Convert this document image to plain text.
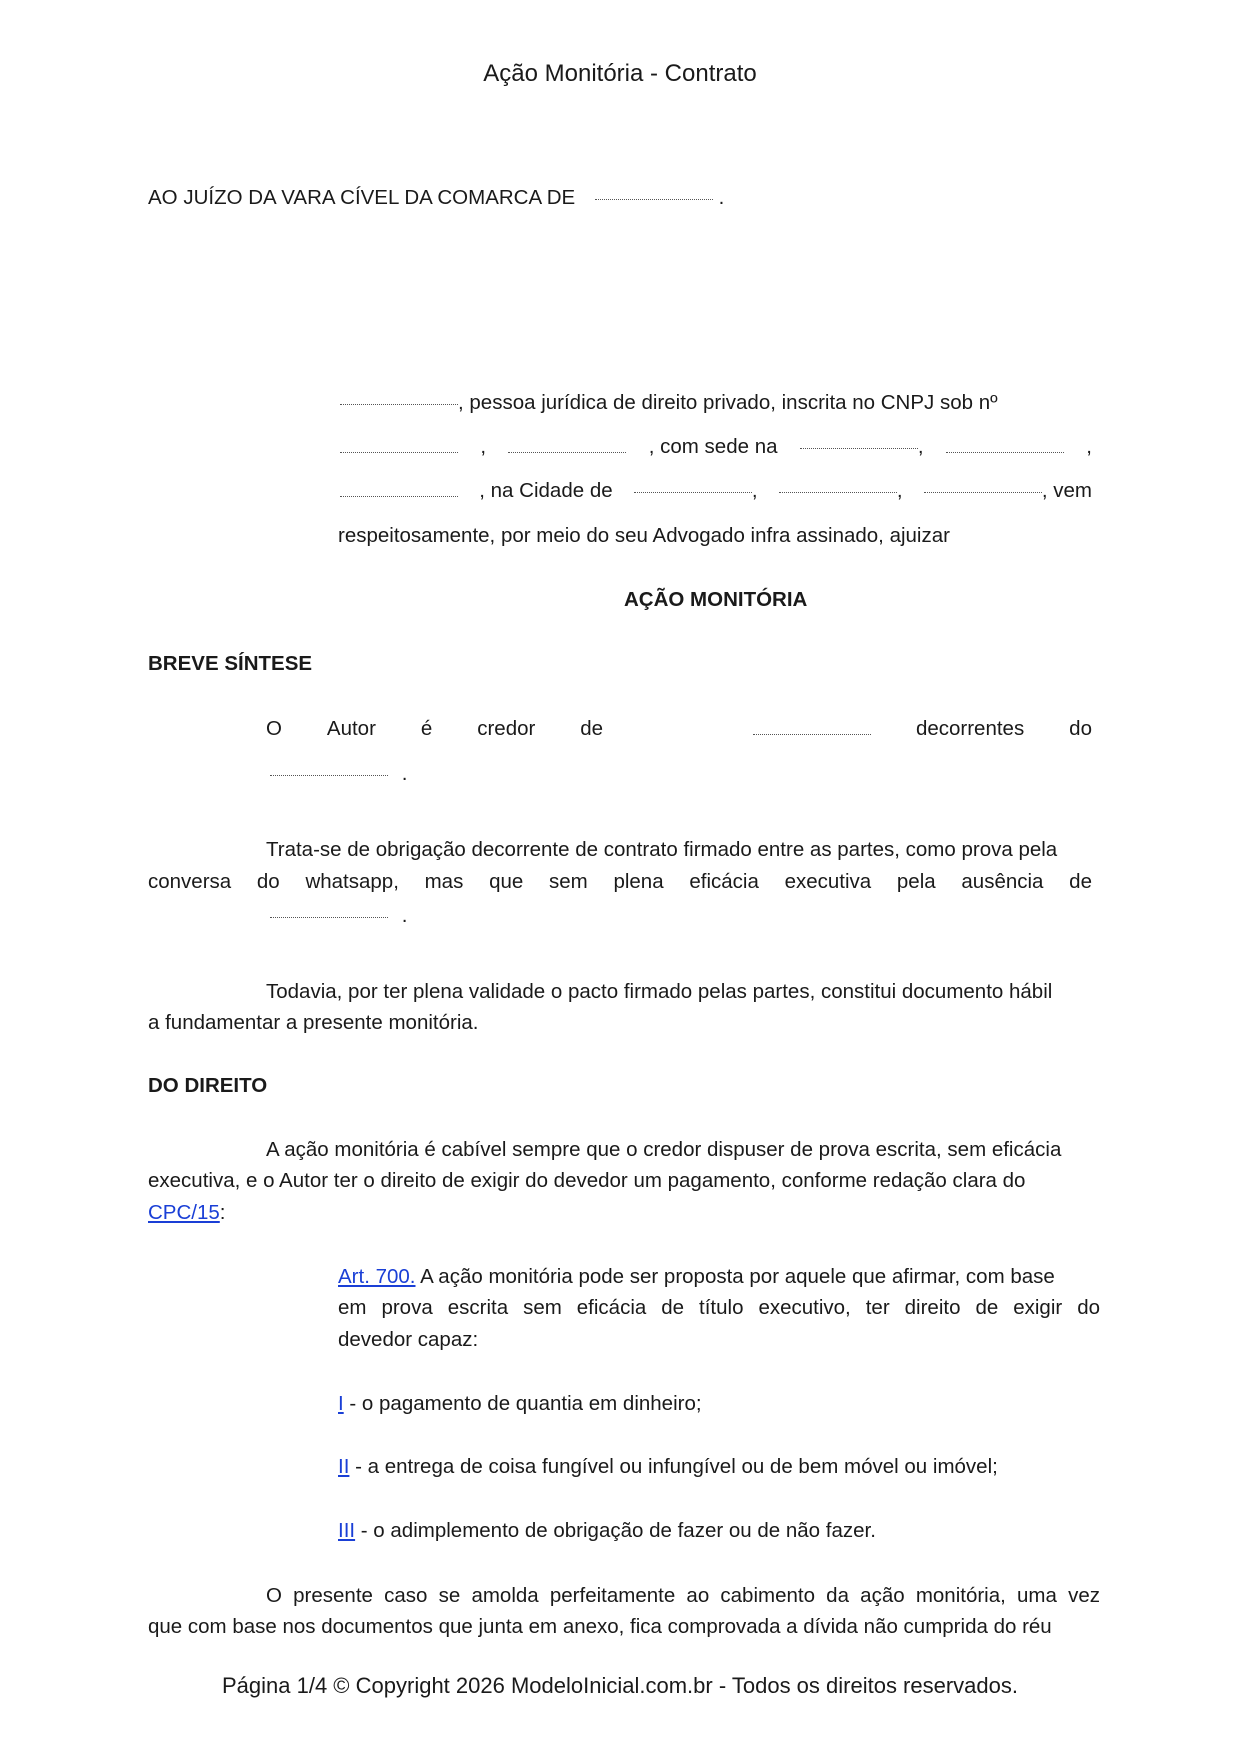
Ação Monitória - Contrato
AO JUÍZO DA VARA CÍVEL DA COMARCA DE	.
, pessoa jurídica de direito privado, inscrita no CNPJ sob nº
,	, com sede na	,	,
, na Cidade de	,	,	, vem
respeitosamente, por meio do seu Advogado infra assinado, ajuizar
AÇÃO MONITÓRIA
BREVE SÍNTESE
O Autor é credor de	decorrentes do
.
Trata-se de obrigação decorrente de contrato firmado entre as partes, como prova pela
conversa do whatsapp, mas que sem plena eficácia executiva pela ausência de
.
Todavia, por ter plena validade o pacto firmado pelas partes, constitui documento hábil
a fundamentar a presente monitória.
DO DIREITO
A ação monitória é cabível sempre que o credor dispuser de prova escrita, sem eficácia
executiva, e o Autor ter o direito de exigir do devedor um pagamento, conforme redação clara do
CPC/15:
Art. 700. A ação monitória pode ser proposta por aquele que afirmar, com base
em prova escrita sem eficácia de título executivo, ter direito de exigir do
devedor capaz:
I - o pagamento de quantia em dinheiro;
II - a entrega de coisa fungível ou infungível ou de bem móvel ou imóvel;
III - o adimplemento de obrigação de fazer ou de não fazer.
O presente caso se amolda perfeitamente ao cabimento da ação monitória, uma vez
que com base nos documentos que junta em anexo, fica comprovada a dívida não cumprida do réu
Página 1/4 © Copyright 2026 ModeloInicial.com.br - Todos os direitos reservados.
